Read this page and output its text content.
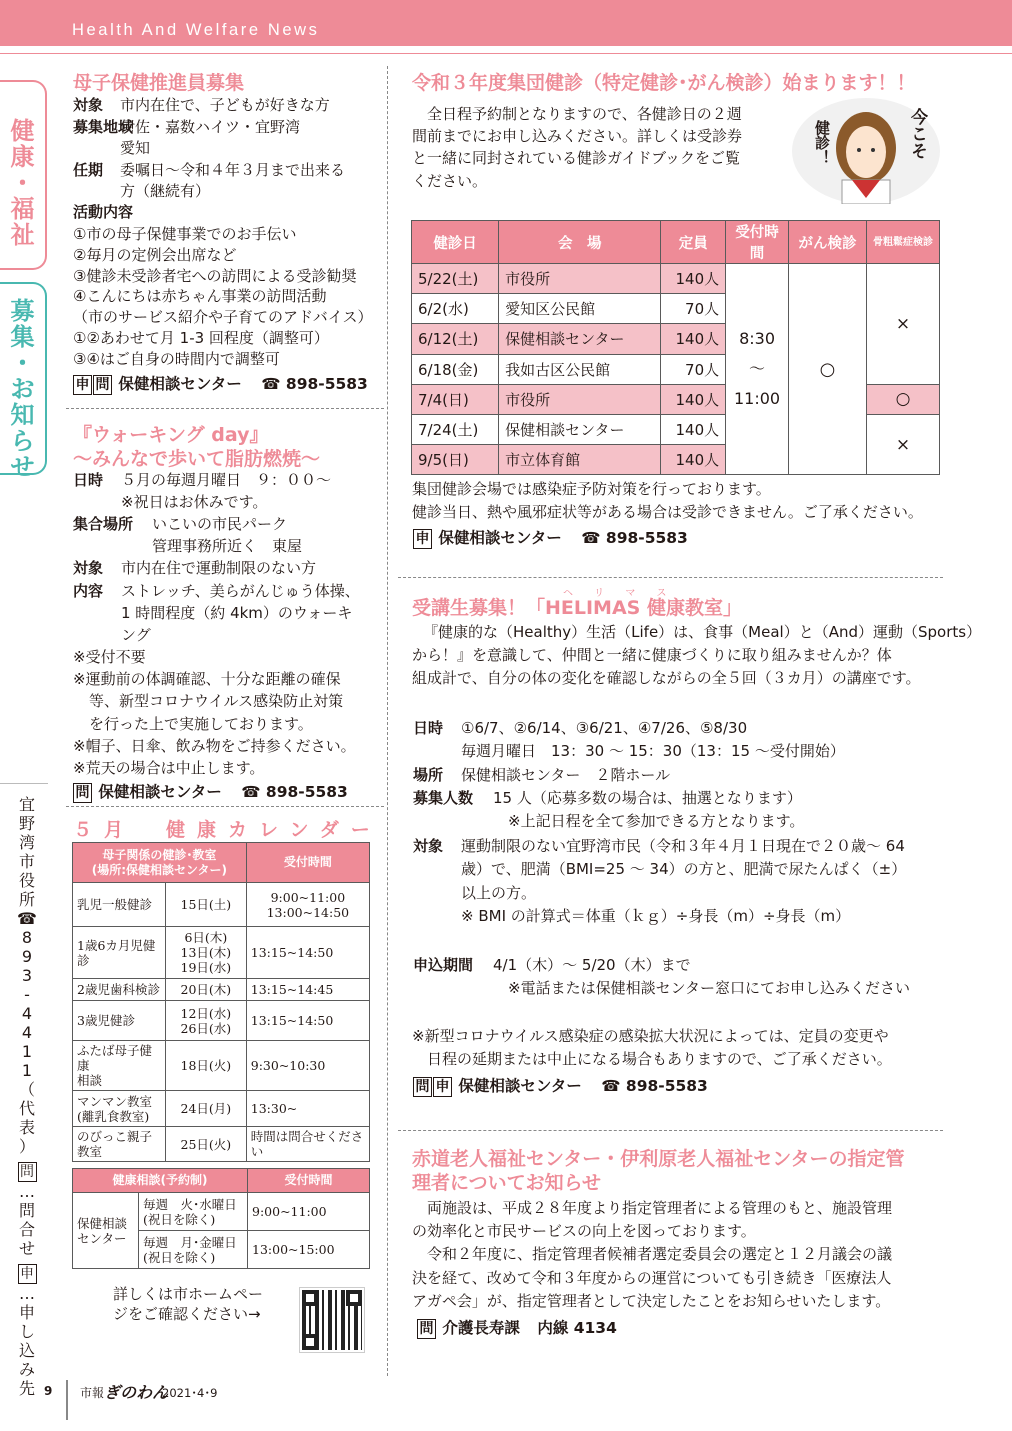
Health And Welfare News
健
康
・
福
祉
募
集
・
お
知
ら
せ
宜
野
湾
市
役
所
☎
8
9
3
-
4
4
1
1
（
代
表
）
問
…
問
合
せ
申
…
申
し
込
み
先
母子保健推進員募集
対象 市内在住で、子どもが好きな方
募集地域
伊佐・嘉数ハイツ・宜野湾
愛知
任期 委嘱日～令和４年３月まで出来る
方（継続有）
活動内容
①市の母子保健事業でのお手伝い
②毎月の定例会出席など
③健診未受診者宅への訪問による受診勧奨
④こんにちは赤ちゃん事業の訪問活動
（市のサービス紹介や子育てのアドバイス）
①②あわせて月 1-3 回程度（調整可）
③④はご自身の時間内で調整可
申 問 保健相談センター ☎ 898-5583
『ウォーキング day』
～みんなで歩いて脂肪燃焼～
日時 ５月の毎週月曜日　９：００～
※祝日はお休みです。
集合場所 いこいの市民パーク
管理事務所近く　東屋
対象 市内在住で運動制限のない方
内容 ストレッチ、美らがんじゅう体操、
1 時間程度（約 4km）のウォーキ
ング
※受付不要
※運動前の体調確認、十分な距離の確保
等、新型コロナウイルス感染防止対策
を行った上で実施しております。
※帽子、日傘、飲み物をご持参ください。
※荒天の場合は中止します。
問 保健相談センター ☎ 898-5583
５月　健康カレンダー
母子関係の健診･教室
(場所:保健相談センター)		受付時間
乳児一般健診	15日(土)	9:00~11:00
13:00~14:50
1歳6カ月児健診	6日(木)
13日(木)
19日(水)	13:15~14:50
2歳児歯科検診	20日(木)	13:15~14:45
3歳児健診	12日(水)
26日(水)	13:15~14:50
ふたば母子健康
相談	18日(火)	9:30~10:30
マンマン教室
(離乳食教室)	24日(月)	13:30~
のびっこ親子教室	25日(火)	時間は問合せください
健康相談(予約制)		受付時間
保健相談
センター	毎週　火･水曜日
(祝日を除く)	9:00~11:00
	毎週　月･金曜日
(祝日を除く)	13:00~15:00
詳しくは市ホームペー
ジをご確認ください→
令和３年度集団健診（特定健診･がん検診）始まります！！
　全日程予約制となりますので、各健診日の２週
間前までにお申し込みください。詳しくは受診券
と一緒に同封されている健診ガイドブックをご覧
ください。
今こそ
健診！
健診日	会　場	定員	受付時間	がん検診	骨粗鬆症検診
5/22(土)	市役所	140人	8:30～
11:00	○	×
6/2(水)	愛知区公民館	70人			
6/12(土)	保健相談センター	140人			
6/18(金)	我如古区公民館	70人			
7/4(日)	市役所	140人			○
7/24(土)	保健相談センター	140人			×
9/5(日)	市立体育館	140人			
集団健診会場では感染症予防対策を行っております。
健診当日、熱や風邪症状等がある場合は受診できません。ご了承ください。
申 保健相談センター ☎ 898-5583
ヘ リ マ ス
受講生募集！「HELIMAS 健康教室」
『健康的な（Healthy）生活（Life）は、食事（Meal）と（And）運動（Sports）
から！』を意識して、仲間と一緒に健康づくりに取り組みませんか？体
組成計で、自分の体の変化を確認しながらの全５回（３カ月）の講座です。
日時 ①6/7、②6/14、③6/21、④7/26、⑤8/30
毎週月曜日　13：30 ～ 15：30（13：15 ～受付開始）
場所 保健相談センター　２階ホール
募集人数 15 人（応募多数の場合は、抽選となります）
　※上記日程を全て参加できる方となります。
対象 運動制限のない宜野湾市民（令和３年４月１日現在で２０歳～ 64
歳）で、肥満（BMI=25 ～ 34）の方と、肥満で尿たんぱく（±）
以上の方。
※ BMI の計算式＝体重（ｋｇ）÷身長（m）÷身長（m）
申込期間 4/1（木）～ 5/20（木）まで
　※電話または保健相談センター窓口にてお申し込みください
※新型コロナウイルス感染症の感染拡大状況によっては、定員の変更や
　日程の延期または中止になる場合もありますので、ご了承ください。
問 申 保健相談センター ☎ 898-5583
赤道老人福祉センター・伊利原老人福祉センターの指定管
理者についてお知らせ
　両施設は、平成２８年度より指定管理者による管理のもと、施設管理
の効率化と市民サービスの向上を図っております。
　令和２年度に、指定管理者候補者選定委員会の選定と１２月議会の議
決を経て、改めて令和３年度からの運営についても引き続き「医療法人
アガペ会」が、指定管理者として決定したことをお知らせいたします。
問 介護長寿課 内線 4134
9 市報 ぎのわん
2021･4･9
